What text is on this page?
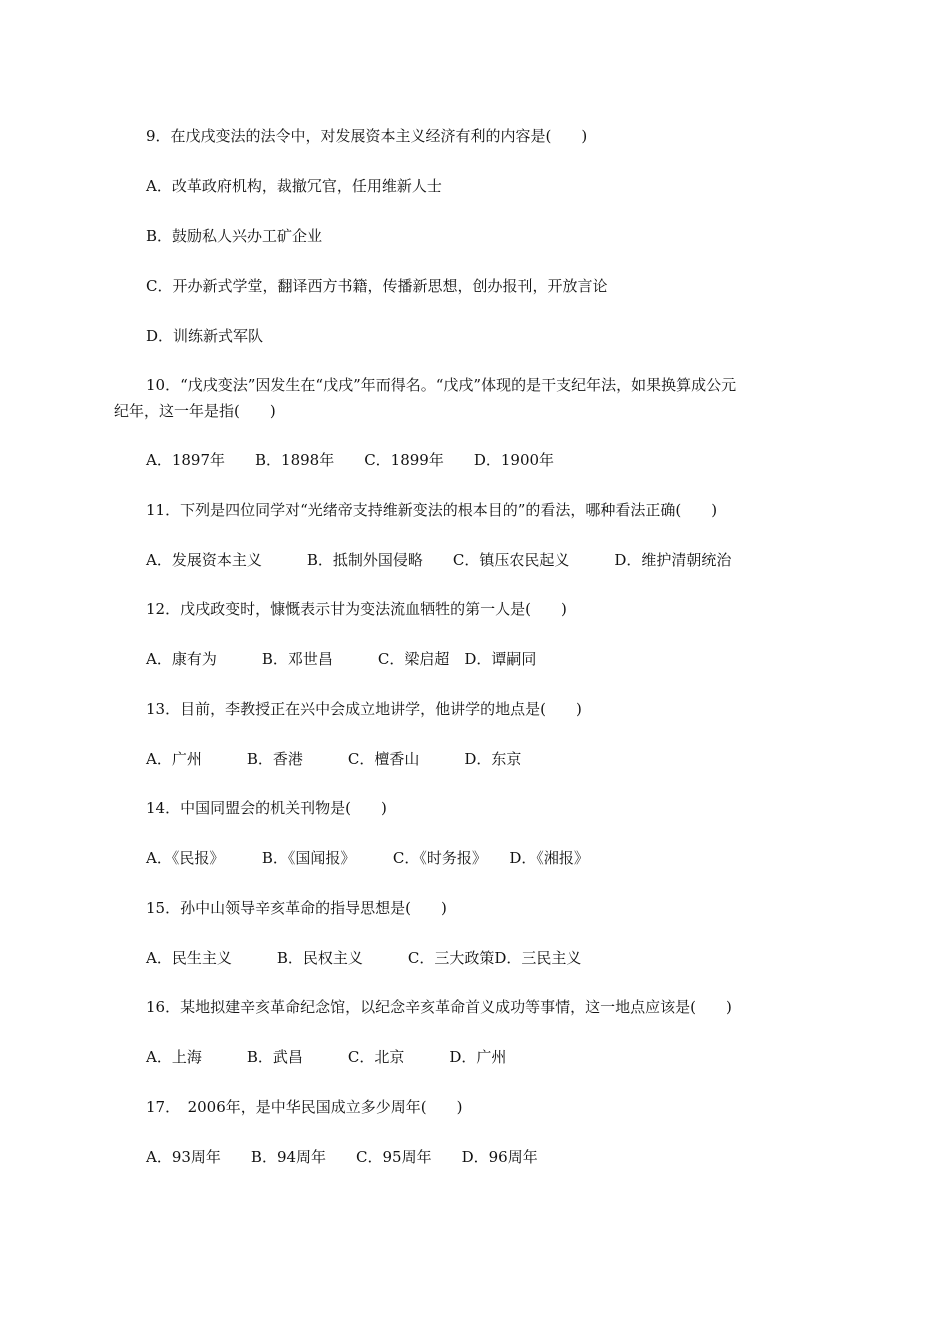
9．在戊戌变法的法令中，对发展资本主义经济有利的内容是(　　)
A．改革政府机构，裁撤冗官，任用维新人士
B．鼓励私人兴办工矿企业
C．开办新式学堂，翻译西方书籍，传播新思想，创办报刊，开放言论
D．训练新式军队
10．“戊戌变法”因发生在“戊戌”年而得名。“戊戌”体现的是干支纪年法，如果换算成公元
纪年，这一年是指(　　)
A．1897年　　B．1898年　　C．1899年　　D．1900年
11．下列是四位同学对“光绪帝支持维新变法的根本目的”的看法，哪种看法正确(　　)
A．发展资本主义　　　B．抵制外国侵略　　C．镇压农民起义　　　D．维护清朝统治
12．戊戌政变时，慷慨表示甘为变法流血牺牲的第一人是(　　)
A．康有为　　　B．邓世昌　　　C．梁启超　D．谭嗣同
13．目前，李教授正在兴中会成立地讲学，他讲学的地点是(　　)
A．广州　　　B．香港　　　C．檀香山　　　D．东京
14．中国同盟会的机关刊物是(　　)
A．《民报》　　　B．《国闻报》　　　C．《时务报》　　D．《湘报》
15．孙中山领导辛亥革命的指导思想是(　　)
A．民生主义　　　B．民权主义　　　C．三大政策D．三民主义
16．某地拟建辛亥革命纪念馆，以纪念辛亥革命首义成功等事情，这一地点应该是(　　)
A．上海　　　B．武昌　　　C．北京　　　D．广州
17．　2006年，是中华民国成立多少周年(　　)
A．93周年　　B．94周年　　C．95周年　　D．96周年
